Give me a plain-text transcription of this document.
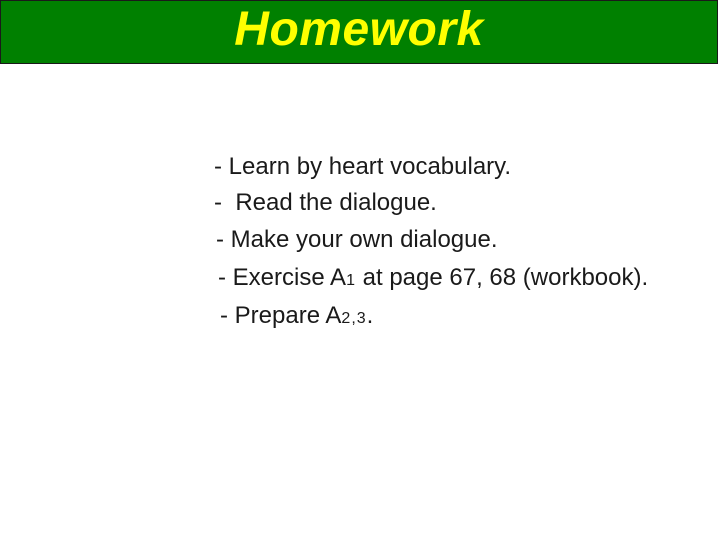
Homework

- Learn by heart vocabulary.

-  Read the dialogue.

- Make your own dialogue.

- Exercise A1 at page 67, 68 (workbook).

- Prepare A2,3.
